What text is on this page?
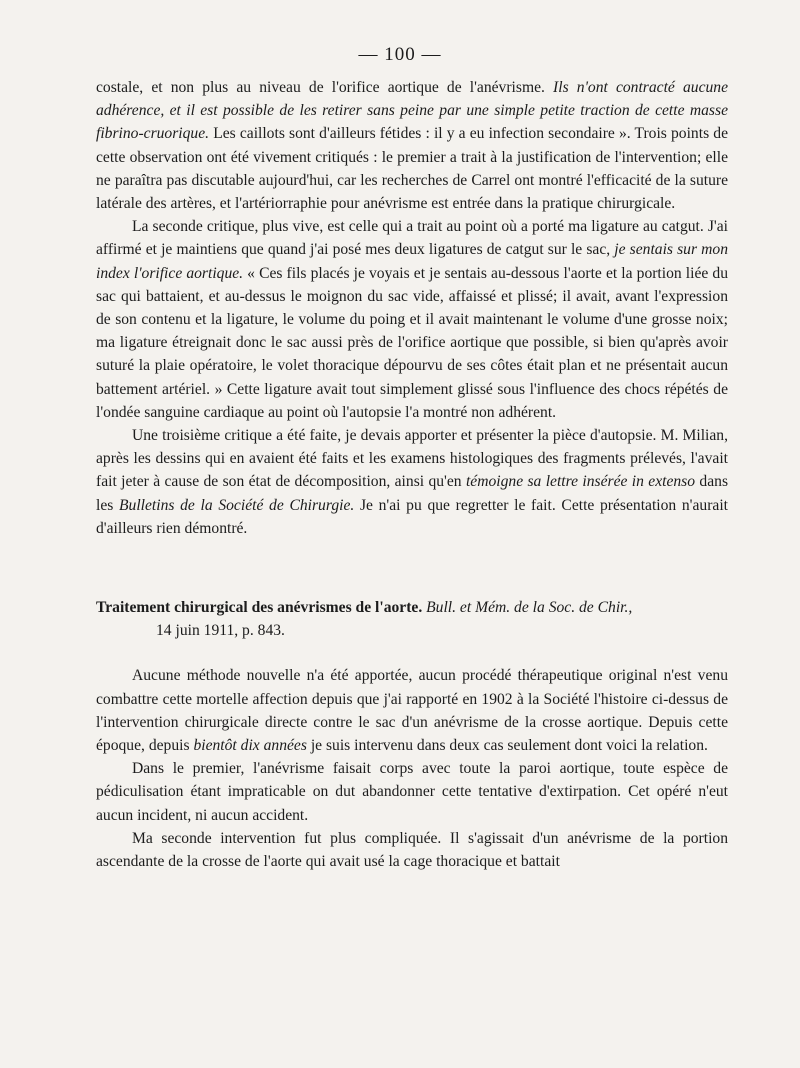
— 100 —

costale, et non plus au niveau de l'orifice aortique de l'anévrisme. Ils n'ont contracté aucune adhérence, et il est possible de les retirer sans peine par une simple petite traction de cette masse fibrino-cruorique. Les caillots sont d'ailleurs fétides : il y a eu infection secondaire ». Trois points de cette observation ont été vivement critiqués : le premier a trait à la justification de l'intervention; elle ne paraîtra pas discutable aujourd'hui, car les recherches de Carrel ont montré l'efficacité de la suture latérale des artères, et l'artériorraphie pour anévrisme est entrée dans la pratique chirurgicale.

La seconde critique, plus vive, est celle qui a trait au point où a porté ma ligature au catgut. J'ai affirmé et je maintiens que quand j'ai posé mes deux ligatures de catgut sur le sac, je sentais sur mon index l'orifice aortique. « Ces fils placés je voyais et je sentais au-dessous l'aorte et la portion liée du sac qui battaient, et au-dessus le moignon du sac vide, affaissé et plissé; il avait, avant l'expression de son contenu et la ligature, le volume du poing et il avait maintenant le volume d'une grosse noix; ma ligature étreignait donc le sac aussi près de l'orifice aortique que possible, si bien qu'après avoir suturé la plaie opératoire, le volet thoracique dépourvu de ses côtes était plan et ne présentait aucun battement artériel. » Cette ligature avait tout simplement glissé sous l'influence des chocs répétés de l'ondée sanguine cardiaque au point où l'autopsie l'a montré non adhérent.

Une troisième critique a été faite, je devais apporter et présenter la pièce d'autopsie. M. Milian, après les dessins qui en avaient été faits et les examens histologiques des fragments prélevés, l'avait fait jeter à cause de son état de décomposition, ainsi qu'en témoigne sa lettre insérée in extenso dans les Bulletins de la Société de Chirurgie. Je n'ai pu que regretter le fait. Cette présentation n'aurait d'ailleurs rien démontré.

Traitement chirurgical des anévrismes de l'aorte. Bull. et Mém. de la Soc. de Chir.,
14 juin 1911, p. 843.

Aucune méthode nouvelle n'a été apportée, aucun procédé thérapeutique original n'est venu combattre cette mortelle affection depuis que j'ai rapporté en 1902 à la Société l'histoire ci-dessus de l'intervention chirurgicale directe contre le sac d'un anévrisme de la crosse aortique. Depuis cette époque, depuis bientôt dix années je suis intervenu dans deux cas seulement dont voici la relation.

Dans le premier, l'anévrisme faisait corps avec toute la paroi aortique, toute espèce de pédiculisation étant impraticable on dut abandonner cette tentative d'extirpation. Cet opéré n'eut aucun incident, ni aucun accident.

Ma seconde intervention fut plus compliquée. Il s'agissait d'un anévrisme de la portion ascendante de la crosse de l'aorte qui avait usé la cage thoracique et battait
